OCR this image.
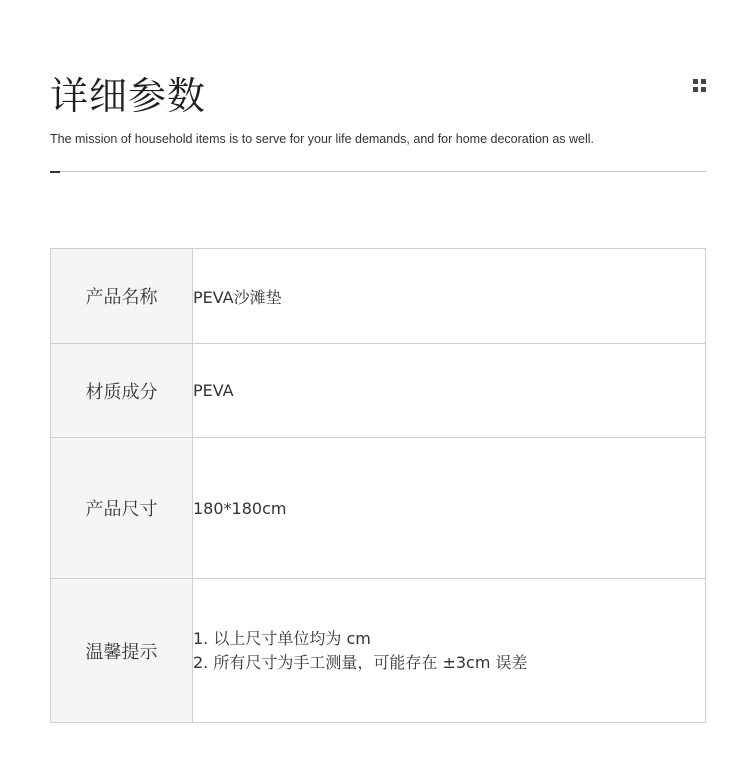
详细参数

The mission of household items is to serve for your life demands, and for home decoration as well.

产品名称	PEVA沙滩垫
材质成分	PEVA
产品尺寸	180*180cm
温馨提示	1. 以上尺寸单位均为 cm
2. 所有尺寸为手工测量，可能存在 ±3cm 误差
